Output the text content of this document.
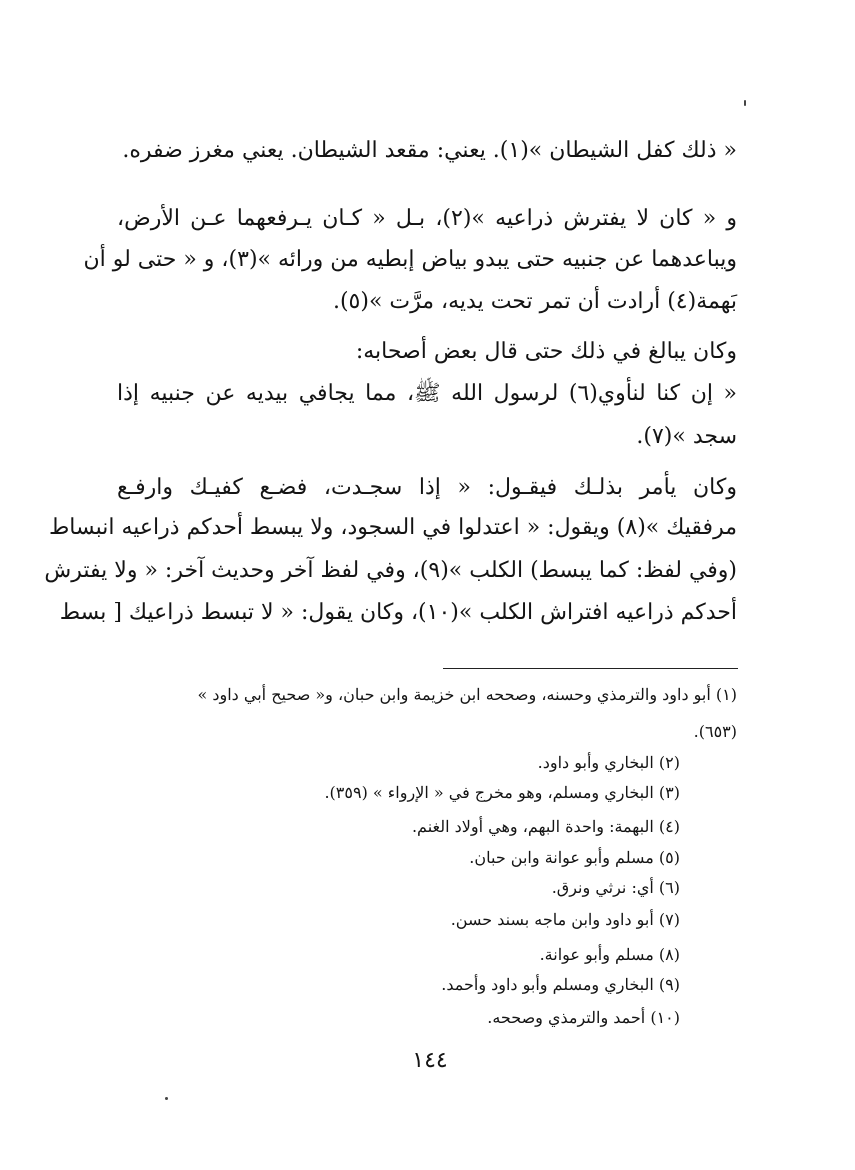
« ذلك كفل الشيطان »(١). يعني: مقعد الشيطان. يعني مغرز ضفره.
و « كان لا يفترش ذراعيه »(٢)، بـل « كـان يـرفعهما عـن الأرض،
ويباعدهما عن جنبيه حتى يبدو بياض إبطيه من ورائه »(٣)، و « حتى لو أن
بَهمة(٤) أرادت أن تمر تحت يديه، مرَّت »(٥).
وكان يبالغ في ذلك حتى قال بعض أصحابه:
« إن كنا لنأوي(٦) لرسول الله ﷺ، مما يجافي بيديه عن جنبيه إذا
سجد »(٧).
وكان يأمر بذلـك فيقـول: « إذا سجـدت، فضـع كفيـك وارفـع
مرفقيك »(٨) ويقول: « اعتدلوا في السجود، ولا يبسط أحدكم ذراعيه انبساط
(وفي لفظ: كما يبسط) الكلب »(٩)، وفي لفظ آخر وحديث آخر: « ولا يفترش
أحدكم ذراعيه افتراش الكلب »(١٠)، وكان يقول: « لا تبسط ذراعيك [ بسط
(١) أبو داود والترمذي وحسنه، وصححه ابن خزيمة وابن حبان، و« صحيح أبي داود »
(٦٥٣).
(٢) البخاري وأبو داود.
(٣) البخاري ومسلم، وهو مخرج في « الإرواء » (٣٥٩).
(٤) البهمة: واحدة البهم، وهي أولاد الغنم.
(٥) مسلم وأبو عوانة وابن حبان.
(٦) أي: نرثي ونرق.
(٧) أبو داود وابن ماجه بسند حسن.
(٨) مسلم وأبو عوانة.
(٩) البخاري ومسلم وأبو داود وأحمد.
(١٠) أحمد والترمذي وصححه.
١٤٤
